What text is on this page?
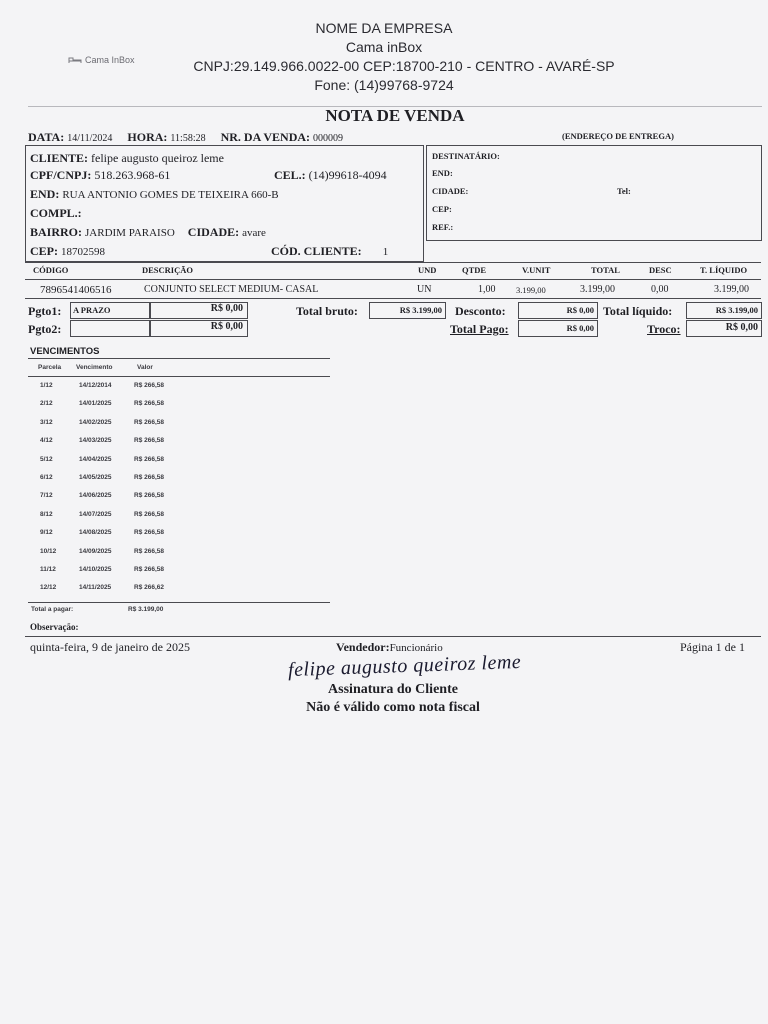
NOME DA EMPRESA
Cama inBox
CNPJ:29.149.966.0022-00 CEP:18700-210 - CENTRO - AVARÉ-SP
Fone: (14)99768-9724
Cama InBox
NOTA DE VENDA
DATA: 14/11/2024 HORA: 11:58:28 NR. DA VENDA: 000009	(ENDEREÇO DE ENTREGA)
CLIENTE: felipe augusto queiroz leme
CPF/CNPJ: 518.263.968-61	CEL.: (14)99618-4094
END: RUA ANTONIO GOMES DE TEIXEIRA 660-B
COMPL.:
BAIRRO: JARDIM PARAISO CIDADE: avare
CEP: 18702598	CÓD. CLIENTE: 1
DESTINATÁRIO:
END:
CIDADE:	Tel:
CEP:
REF.:
CÓDIGO	DESCRIÇÃO	UND	QTDE	V.UNIT	TOTAL	DESC	T. LÍQUIDO
7896541406516	CONJUNTO SELECT MEDIUM- CASAL	UN	1,00 3.199,00	3.199,00	0,00	3.199,00
Pgto1: A PRAZO	R$ 0,00
Pgto2:	R$ 0,00
Total bruto:	R$ 3.199,00 Desconto:	R$ 0,00 Total líquido:	R$ 3.199,00
Total Pago:	R$ 0,00	Troco:	R$ 0,00
VENCIMENTOS
Parcela Vencimento	Valor
1/12	14/12/2014	R$ 266,58
2/12	14/01/2025	R$ 266,58
3/12	14/02/2025	R$ 266,58
4/12	14/03/2025	R$ 266,58
5/12	14/04/2025	R$ 266,58
6/12	14/05/2025	R$ 266,58
7/12	14/06/2025	R$ 266,58
8/12	14/07/2025	R$ 266,58
9/12	14/08/2025	R$ 266,58
10/12	14/09/2025	R$ 266,58
11/12	14/10/2025	R$ 266,58
12/12	14/11/2025	R$ 266,62
Total a pagar:	R$ 3.199,00
Observação:
quinta-feira, 9 de janeiro de 2025	Vendedor:Funcionário	Página 1 de 1
felipe augusto queiroz leme
Assinatura do Cliente
Não é válido como nota fiscal
